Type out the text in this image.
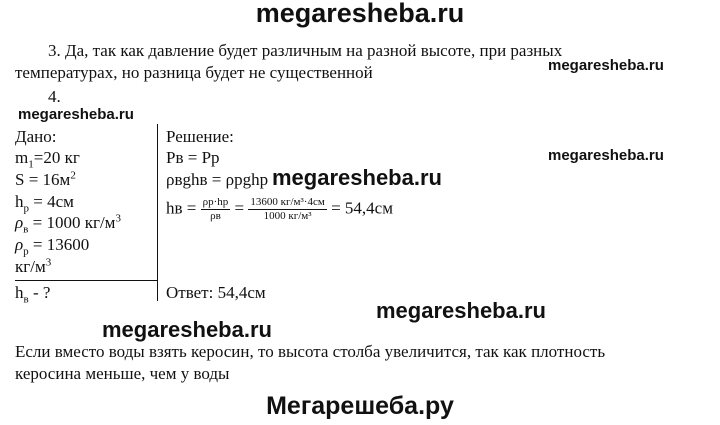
megaresheba.ru
megaresheba.ru
megaresheba.ru
megaresheba.ru
megaresheba.ru
megaresheba.ru
megaresheba.ru
Мегарешеба.ру
3. Да, так как давление будет различным на разной высоте, при разных
температурах, но разница будет не существенной
4.
Дано:
$m_1=20$ кг
$S = 16м^2$
$h_р = 4см$
$\rho_в = 1000$ $кг/м^3$
$\rho_р = 13600$
$кг/м^3$
$h_в$ - ?
Решение:
Pв = Pр
ρвghв = ρрghр
hв = $\frac{\rho р\cdot hр}{\rho в} = \frac{\text{13600 кг/м³·4см}}{\text{1000 кг/м³}} = 54,4см$
Ответ: 54,4см
Если вместо воды взять керосин, то высота столба увеличится, так как плотность
керосина меньше, чем у воды
